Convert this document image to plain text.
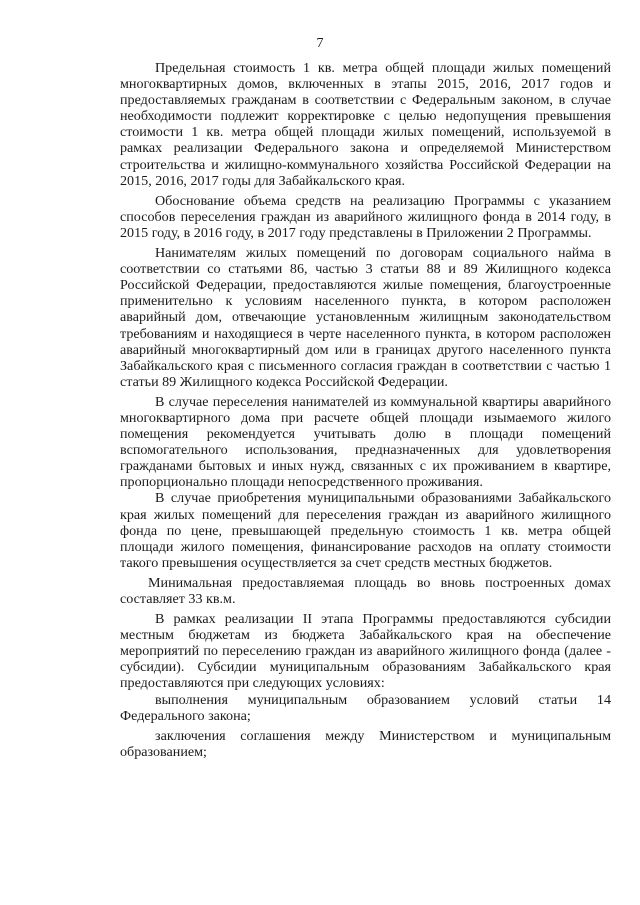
7

Предельная стоимость 1 кв. метра общей площади жилых помещений многоквартирных домов, включенных в этапы 2015, 2016, 2017 годов и предоставляемых гражданам в соответствии с Федеральным законом, в случае необходимости подлежит корректировке с целью недопущения превышения стоимости 1 кв. метра общей площади жилых помещений, используемой в рамках реализации Федерального закона и определяемой Министерством строительства и жилищно-коммунального хозяйства Российской Федерации на 2015, 2016, 2017 годы для Забайкальского края.

Обоснование объема средств на реализацию Программы с указанием способов переселения граждан из аварийного жилищного фонда в 2014 году, в 2015 году, в 2016 году, в 2017 году представлены в Приложении 2 Программы.

Нанимателям жилых помещений по договорам социального найма в соответствии со статьями 86, частью 3 статьи 88 и 89 Жилищного кодекса Российской Федерации, предоставляются жилые помещения, благоустроенные применительно к условиям населенного пункта, в котором расположен аварийный дом, отвечающие установленным жилищным законодательством требованиям и находящиеся в черте населенного пункта, в котором расположен аварийный многоквартирный дом или в границах другого населенного пункта Забайкальского края с письменного согласия граждан в соответствии с частью 1 статьи 89 Жилищного кодекса Российской Федерации.

В случае переселения нанимателей из коммунальной квартиры аварийного многоквартирного дома при расчете общей площади изымаемого жилого помещения рекомендуется учитывать долю в площади помещений вспомогательного использования, предназначенных для удовлетворения гражданами бытовых и иных нужд, связанных с их проживанием в квартире, пропорционально площади непосредственного проживания.

В случае приобретения муниципальными образованиями Забайкальского края жилых помещений для переселения граждан из аварийного жилищного фонда по цене, превышающей предельную стоимость 1 кв. метра общей площади жилого помещения, финансирование расходов на оплату стоимости такого превышения осуществляется за счет средств местных бюджетов.

Минимальная предоставляемая площадь во вновь построенных домах составляет 33 кв.м.

В рамках реализации II этапа Программы предоставляются субсидии местным бюджетам из бюджета Забайкальского края на обеспечение мероприятий по переселению граждан из аварийного жилищного фонда (далее - субсидии). Субсидии муниципальным образованиям Забайкальского края предоставляются при следующих условиях:

выполнения муниципальным образованием условий статьи 14 Федерального закона;

заключения соглашения между Министерством и муниципальным образованием;
